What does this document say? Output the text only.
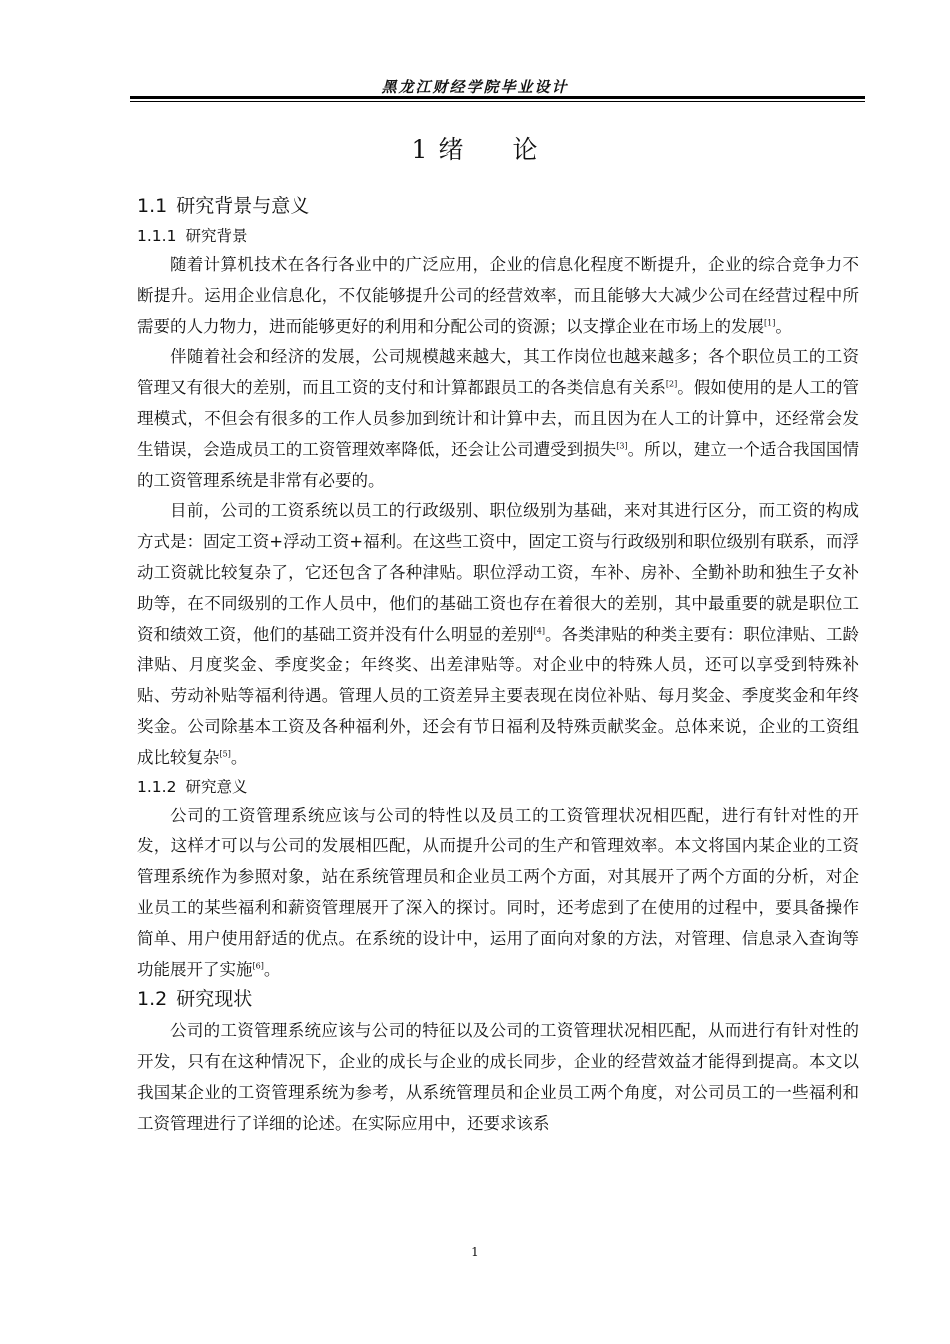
黑龙江财经学院毕业设计
1 绪 论
1.1 研究背景与意义
1.1.1 研究背景

随着计算机技术在各行各业中的广泛应用，企业的信息化程度不断提升，企业的综合竞争力不断提升。运用企业信息化，不仅能够提升公司的经营效率，而且能够大大减少公司在经营过程中所需要的人力物力，进而能够更好的利用和分配公司的资源；以支撑企业在市场上的发展[1]。

伴随着社会和经济的发展，公司规模越来越大，其工作岗位也越来越多；各个职位员工的工资管理又有很大的差别，而且工资的支付和计算都跟员工的各类信息有关系[2]。假如使用的是人工的管理模式，不但会有很多的工作人员参加到统计和计算中去，而且因为在人工的计算中，还经常会发生错误，会造成员工的工资管理效率降低，还会让公司遭受到损失[3]。所以，建立一个适合我国国情的工资管理系统是非常有必要的。

目前，公司的工资系统以员工的行政级别、职位级别为基础，来对其进行区分，而工资的构成方式是：固定工资+浮动工资+福利。在这些工资中，固定工资与行政级别和职位级别有联系，而浮动工资就比较复杂了，它还包含了各种津贴。职位浮动工资，车补、房补、全勤补助和独生子女补助等，在不同级别的工作人员中，他们的基础工资也存在着很大的差别，其中最重要的就是职位工资和绩效工资，他们的基础工资并没有什么明显的差别[4]。各类津贴的种类主要有：职位津贴、工龄津贴、月度奖金、季度奖金；年终奖、出差津贴等。对企业中的特殊人员，还可以享受到特殊补贴、劳动补贴等福利待遇。管理人员的工资差异主要表现在岗位补贴、每月奖金、季度奖金和年终奖金。公司除基本工资及各种福利外，还会有节日福利及特殊贡献奖金。总体来说，企业的工资组成比较复杂[5]。

1.1.2 研究意义

公司的工资管理系统应该与公司的特性以及员工的工资管理状况相匹配，进行有针对性的开发，这样才可以与公司的发展相匹配，从而提升公司的生产和管理效率。本文将国内某企业的工资管理系统作为参照对象，站在系统管理员和企业员工两个方面，对其展开了两个方面的分析，对企业员工的某些福利和薪资管理展开了深入的探讨。同时，还考虑到了在使用的过程中，要具备操作简单、用户使用舒适的优点。在系统的设计中，运用了面向对象的方法，对管理、信息录入查询等功能展开了实施[6]。

1.2 研究现状

公司的工资管理系统应该与公司的特征以及公司的工资管理状况相匹配，从而进行有针对性的开发，只有在这种情况下，企业的成长与企业的成长同步，企业的经营效益才能得到提高。本文以我国某企业的工资管理系统为参考，从系统管理员和企业员工两个角度，对公司员工的一些福利和工资管理进行了详细的论述。在实际应用中，还要求该系

1
